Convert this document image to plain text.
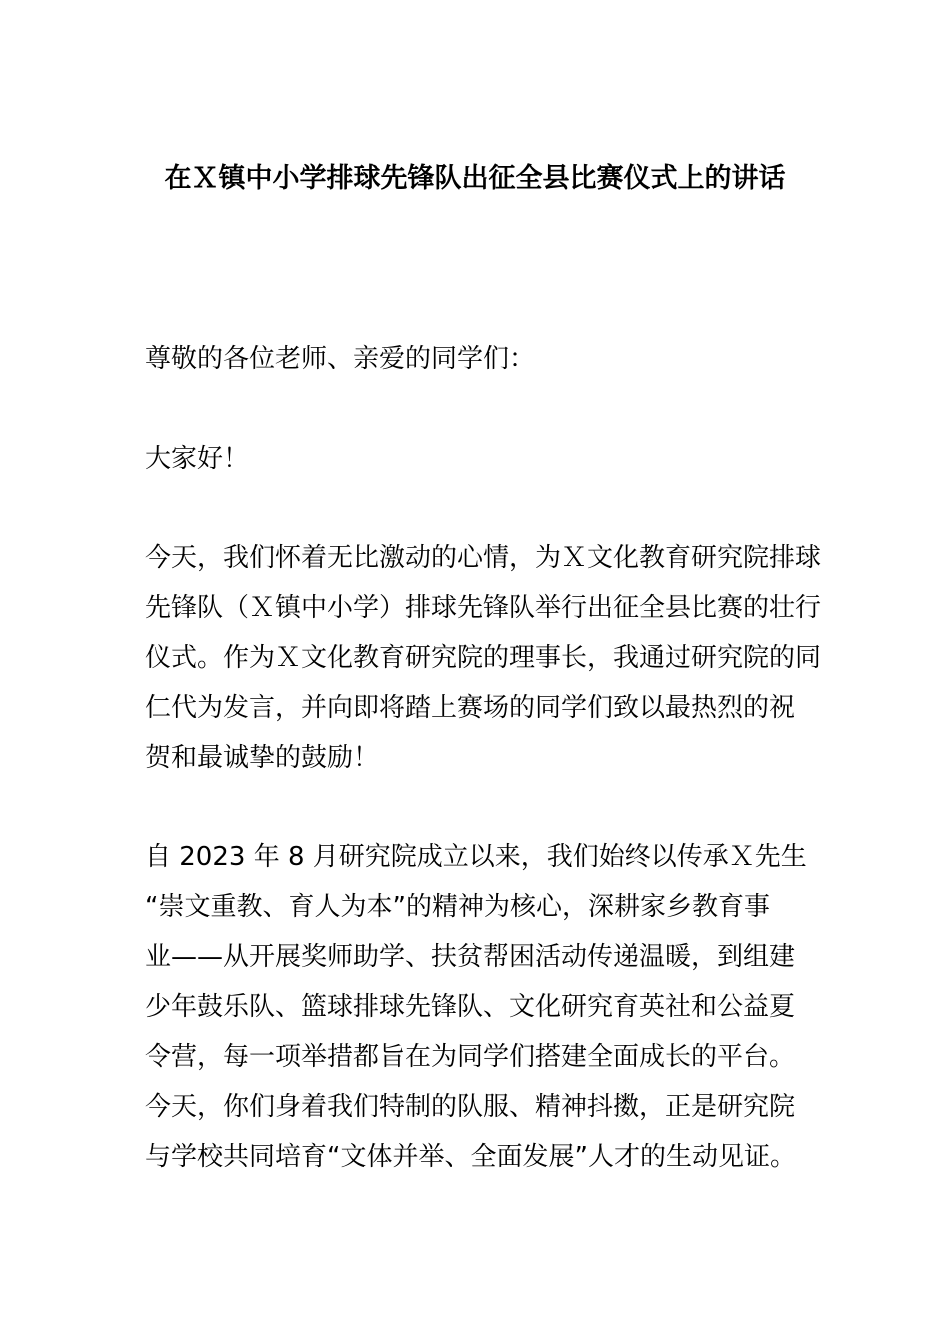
在Ｘ镇中小学排球先锋队出征全县比赛仪式上的讲话

尊敬的各位老师、亲爱的同学们：

大家好！

今天，我们怀着无比激动的心情，为Ｘ文化教育研究院排球
先锋队（Ｘ镇中小学）排球先锋队举行出征全县比赛的壮行
仪式。作为Ｘ文化教育研究院的理事长，我通过研究院的同
仁代为发言，并向即将踏上赛场的同学们致以最热烈的祝
贺和最诚挚的鼓励！

自 2023 年 8 月研究院成立以来，我们始终以传承Ｘ先生
“崇文重教、育人为本”的精神为核心，深耕家乡教育事
业——从开展奖师助学、扶贫帮困活动传递温暖，到组建
少年鼓乐队、篮球排球先锋队、文化研究育英社和公益夏
令营，每一项举措都旨在为同学们搭建全面成长的平台。
今天，你们身着我们特制的队服、精神抖擞，正是研究院
与学校共同培育“文体并举、全面发展”人才的生动见证。
